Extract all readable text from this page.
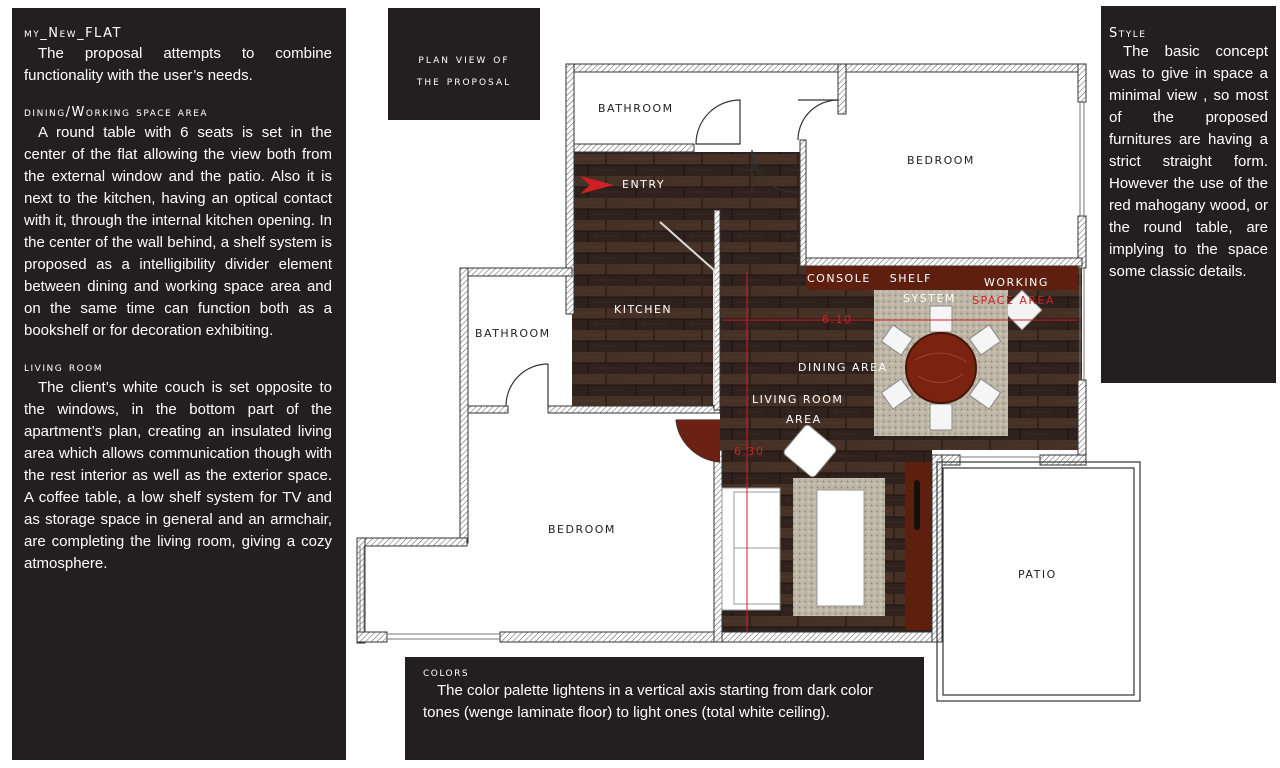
my_New_FLAT

The proposal attempts to combine functionality with the user’s needs.

dining/Working space area

A round table with 6 seats is set in the center of the flat allowing the view both from the external window and the patio. Also it is next to the kitchen, having an optical contact with it, through the internal kitchen opening. In the center of the wall behind, a shelf system is proposed as a intelligibility divider element between dining and working space area and on the same time can function both as a bookshelf or for decoration exhibiting.

living room

The client’s white couch is set opposite to the windows, in the bottom part of the apartment’s plan, creating an insulated living area which allows communication though with the rest interior as well as the exterior space. A coffee table, a low shelf system for TV and as storage space in general and an armchair, are completing the living room, giving a cozy atmosphere.

plan view of
the proposal
Style

The basic concept was to give in space a minimal view , so most of the proposed furnitures are having a strict straight form. However the use of the red mahogany wood, or the round table, are implying to the space some classic details.

BATHROOM
BEDROOM
BATHROOM
BEDROOM
PATIO
ENTRY
KITCHEN
CONSOLE SHELF
SYSTEM
WORKING
DINING AREA
LIVING ROOM
AREA
SPACE AREA
6.10
6.30
colors

The color palette lightens in a vertical axis starting from dark color tones (wenge laminate floor) to light ones (total white ceiling).
